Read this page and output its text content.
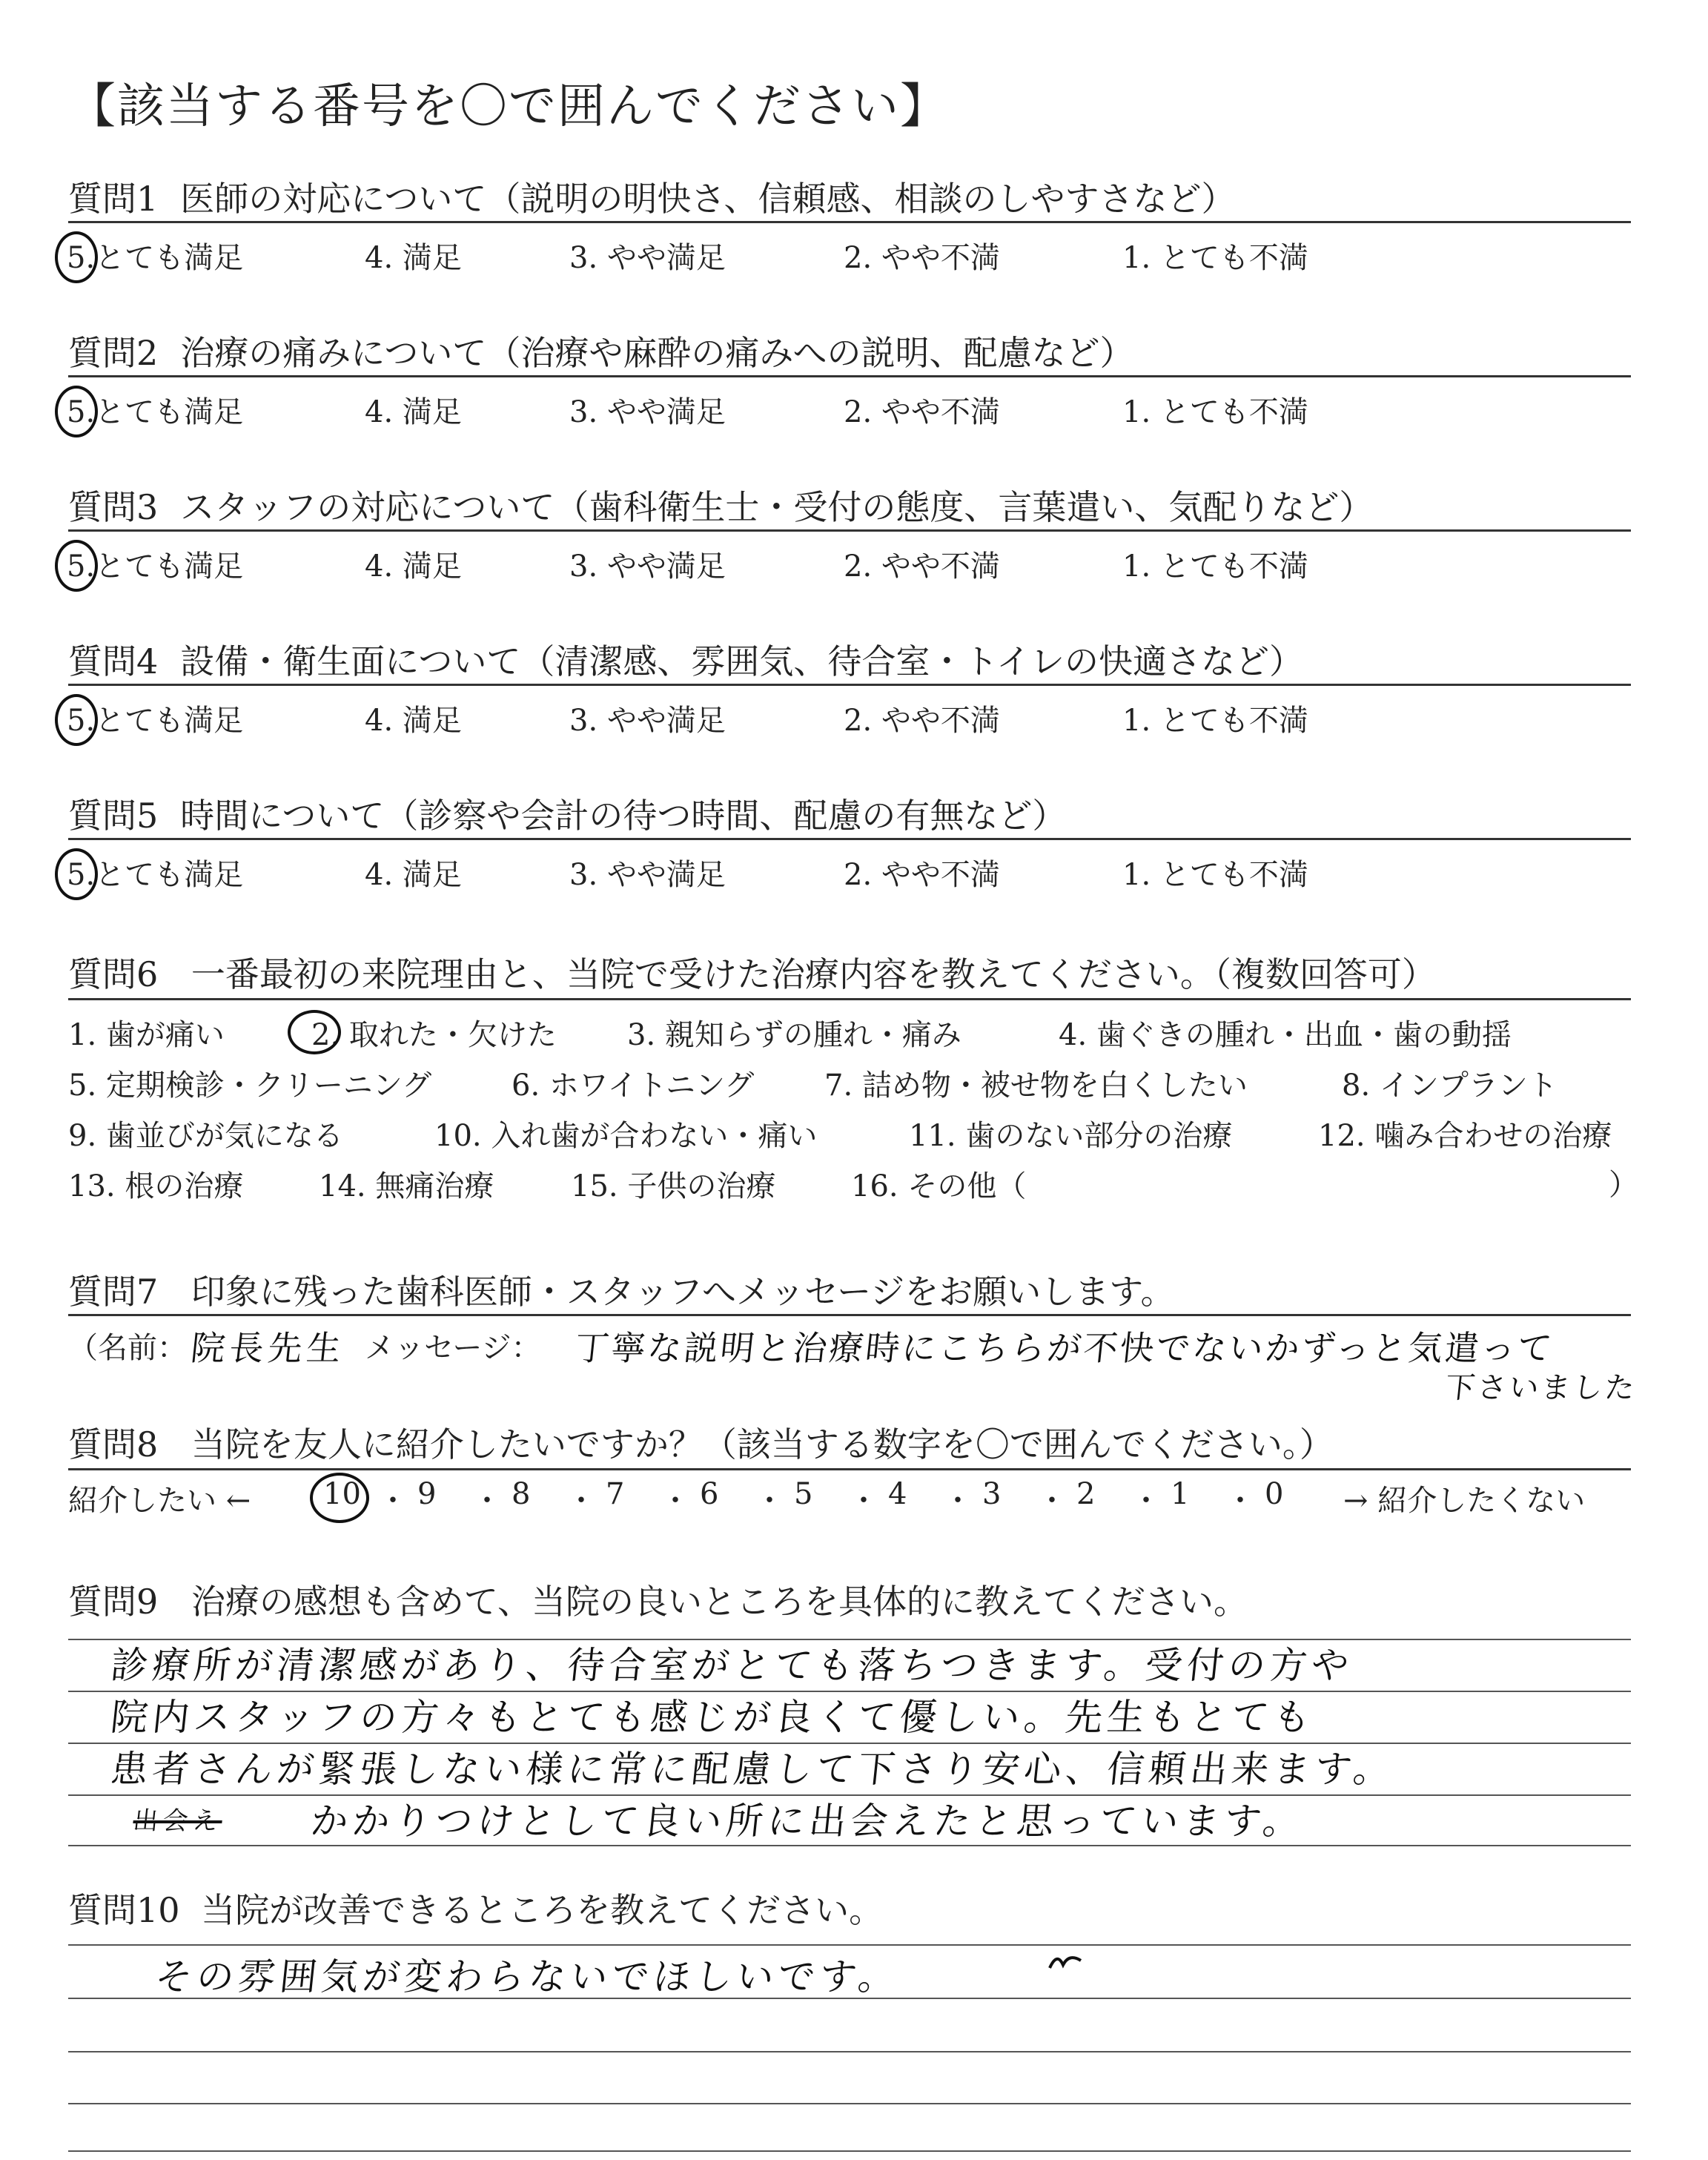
【該当する番号を〇で囲んでください】
質問1 医師の対応について（説明の明快さ、信頼感、相談のしやすさなど）
5.とても満足	4. 満足	3. やや満足	2. やや不満	1. とても不満
質問2 治療の痛みについて（治療や麻酔の痛みへの説明、配慮など）
5.とても満足	4. 満足	3. やや満足	2. やや不満	1. とても不満
質問3 スタッフの対応について（歯科衛生士・受付の態度、言葉遣い、気配りなど）
5.とても満足	4. 満足	3. やや満足	2. やや不満	1. とても不満
質問4 設備・衛生面について（清潔感、雰囲気、待合室・トイレの快適さなど）
5.とても満足	4. 満足	3. やや満足	2. やや不満	1. とても不満
質問5 時間について（診察や会計の待つ時間、配慮の有無など）
5.とても満足	4. 満足	3. やや満足	2. やや不満	1. とても不満
質問6 一番最初の来院理由と、当院で受けた治療内容を教えてください。（複数回答可）
1. 歯が痛い	2. 取れた・欠けた 3. 親知らずの腫れ・痛み	4. 歯ぐきの腫れ・出血・歯の動揺
5. 定期検診・クリーニング	6. ホワイトニング 7. 詰め物・被せ物を白くしたい	8. インプラント
9. 歯並びが気になる	10. 入れ歯が合わない・痛い	11. 歯のない部分の治療	12. 噛み合わせの治療
13. 根の治療	14. 無痛治療	15. 子供の治療	16. その他（	）
質問7 印象に残った歯科医師・スタッフへメッセージをお願いします。
（名前： 院長先生 メッセージ： 丁寧な説明と治療時にこちらが不快でないかずっと気遣って
下さいました
質問8 当院を友人に紹介したいですか？（該当する数字を〇で囲んでください。）
紹介したい ← 10 ・ 9 ・ 8 ・ 7 ・ 6 ・ 5 ・ 4 ・ 3 ・ 2 ・ 1 ・ 0 → 紹介したくない
質問9 治療の感想も含めて、当院の良いところを具体的に教えてください。
診療所が清潔感があり、待合室がとても落ちつきます。受付の方や
院内スタッフの方々もとても感じが良くて優しい。先生もとても
患者さんが緊張しない様に常に配慮して下さり安心、信頼出来ます。
出会え かかりつけとして良い所に出会えたと思っています。
質問10 当院が改善できるところを教えてください。
その雰囲気が変わらないでほしいです。
